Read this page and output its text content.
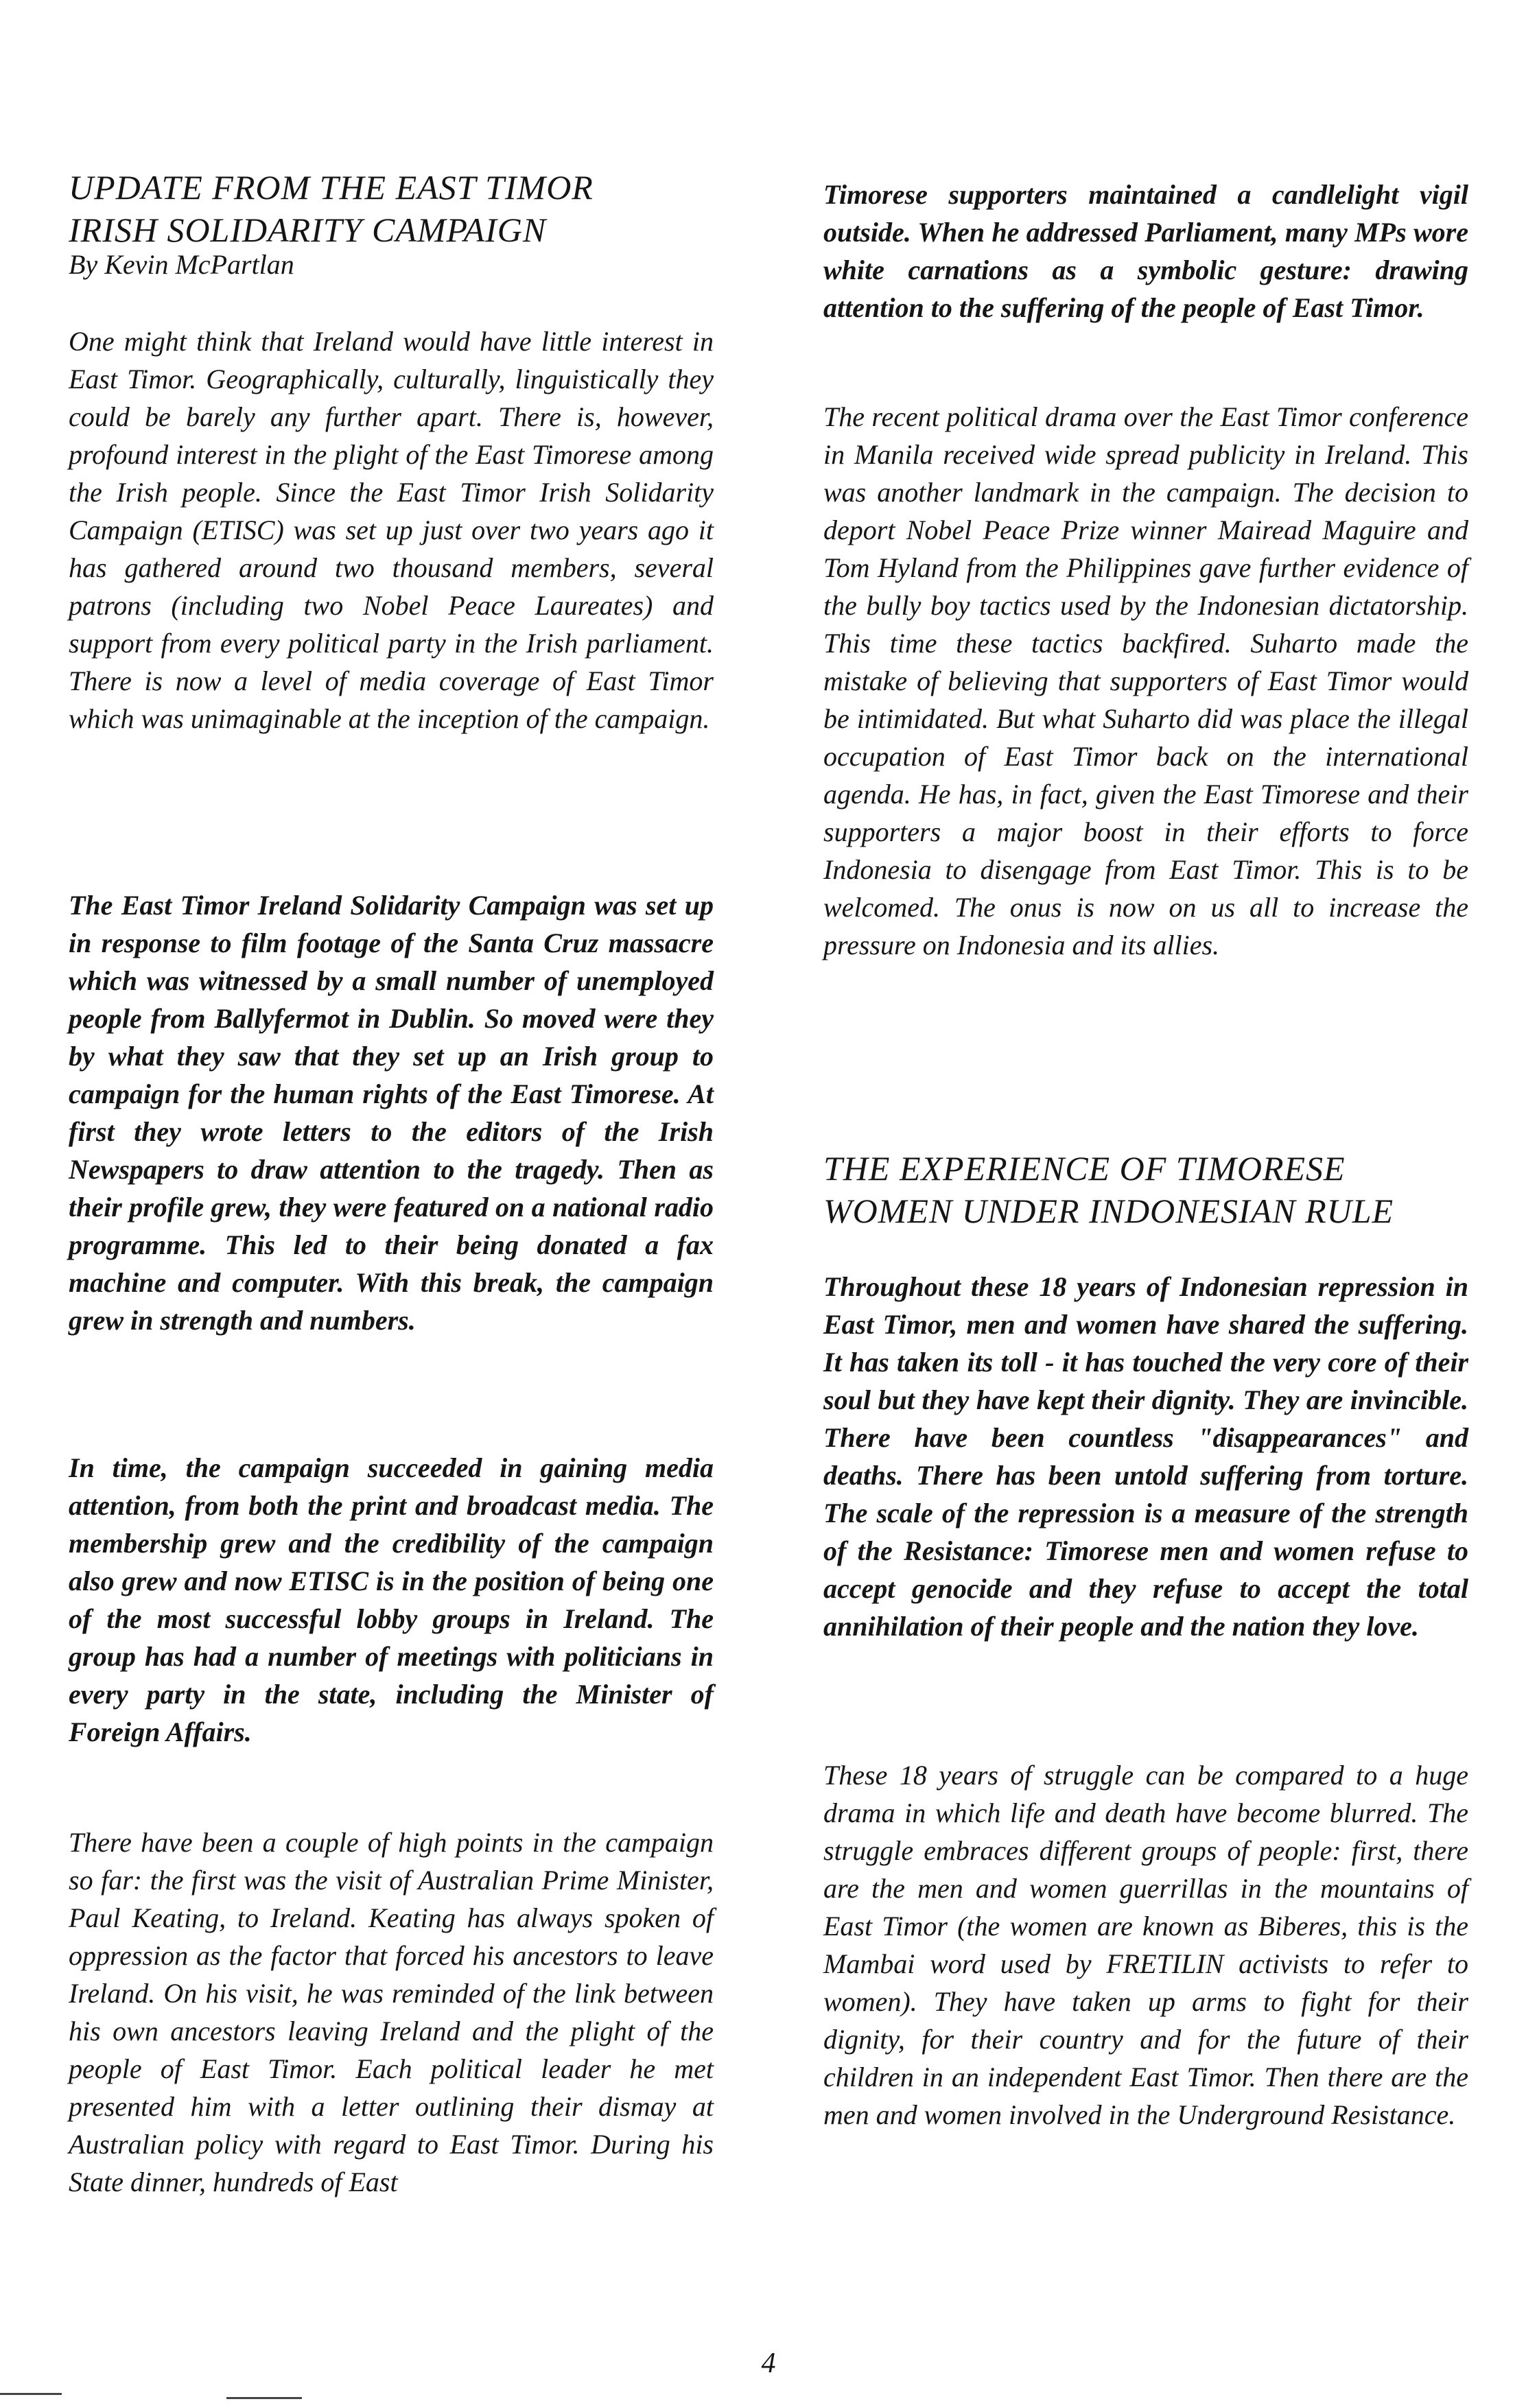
UPDATE FROM THE EAST TIMOR
IRISH SOLIDARITY CAMPAIGN

By Kevin McPartlan

One might think that Ireland would have little interest in East Timor. Geographically, culturally, linguistically they could be barely any further apart. There is, however, profound interest in the plight of the East Timorese among the Irish people. Since the East Timor Irish Solidarity Campaign (ETISC) was set up just over two years ago it has gathered around two thousand members, several patrons (including two Nobel Peace Laureates) and support from every political party in the Irish parliament. There is now a level of media coverage of East Timor which was unimaginable at the inception of the campaign.

The East Timor Ireland Solidarity Campaign was set up in response to film footage of the Santa Cruz massacre which was witnessed by a small number of unemployed people from Ballyfermot in Dublin. So moved were they by what they saw that they set up an Irish group to campaign for the human rights of the East Timorese. At first they wrote letters to the editors of the Irish Newspapers to draw attention to the tragedy. Then as their profile grew, they were featured on a national radio programme. This led to their being donated a fax machine and computer. With this break, the campaign grew in strength and numbers.

In time, the campaign succeeded in gaining media attention, from both the print and broadcast media. The membership grew and the credibility of the campaign also grew and now ETISC is in the position of being one of the most successful lobby groups in Ireland. The group has had a number of meetings with politicians in every party in the state, including the Minister of Foreign Affairs.

There have been a couple of high points in the campaign so far: the first was the visit of Australian Prime Minister, Paul Keating, to Ireland. Keating has always spoken of oppression as the factor that forced his ancestors to leave Ireland. On his visit, he was reminded of the link between his own ancestors leaving Ireland and the plight of the people of East Timor. Each political leader he met presented him with a letter outlining their dismay at Australian policy with regard to East Timor. During his State dinner, hundreds of East

Timorese supporters maintained a candlelight vigil outside. When he addressed Parliament, many MPs wore white carnations as a symbolic gesture: drawing attention to the suffering of the people of East Timor.

The recent political drama over the East Timor conference in Manila received wide spread publicity in Ireland. This was another landmark in the campaign. The decision to deport Nobel Peace Prize winner Mairead Maguire and Tom Hyland from the Philippines gave further evidence of the bully boy tactics used by the Indonesian dictatorship. This time these tactics backfired. Suharto made the mistake of believing that supporters of East Timor would be intimidated. But what Suharto did was place the illegal occupation of East Timor back on the international agenda. He has, in fact, given the East Timorese and their supporters a major boost in their efforts to force Indonesia to disengage from East Timor. This is to be welcomed. The onus is now on us all to increase the pressure on Indonesia and its allies.

THE EXPERIENCE OF TIMORESE
WOMEN UNDER INDONESIAN RULE

Throughout these 18 years of Indonesian repression in East Timor, men and women have shared the suffering. It has taken its toll - it has touched the very core of their soul but they have kept their dignity. They are invincible. There have been countless "disappearances" and deaths. There has been untold suffering from torture. The scale of the repression is a measure of the strength of the Resistance: Timorese men and women refuse to accept genocide and they refuse to accept the total annihilation of their people and the nation they love.

These 18 years of struggle can be compared to a huge drama in which life and death have become blurred. The struggle embraces different groups of people: first, there are the men and women guerrillas in the mountains of East Timor (the women are known as Biberes, this is the Mambai word used by FRETILIN activists to refer to women). They have taken up arms to fight for their dignity, for their country and for the future of their children in an independent East Timor. Then there are the men and women involved in the Underground Resistance.

4
